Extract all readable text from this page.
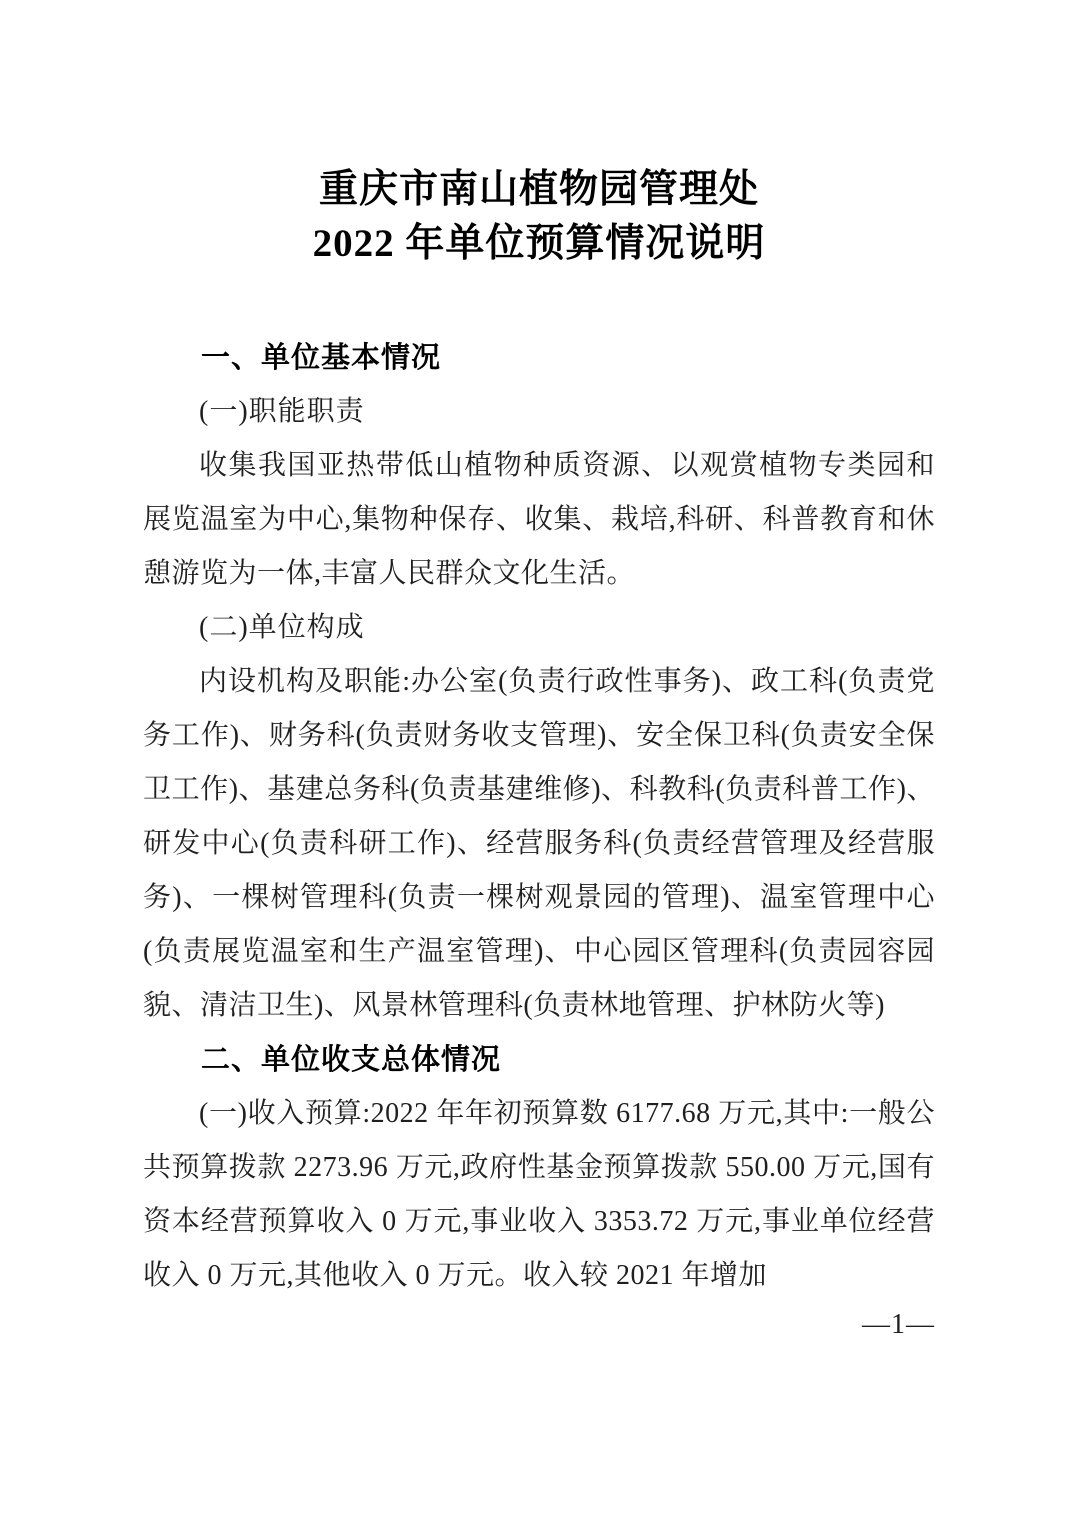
重庆市南山植物园管理处
2022 年单位预算情况说明
一、单位基本情况

(一)职能职责

收集我国亚热带低山植物种质资源、以观赏植物专类园和展览温室为中心,集物种保存、收集、栽培,科研、科普教育和休憩游览为一体,丰富人民群众文化生活。

(二)单位构成

内设机构及职能:办公室(负责行政性事务)、政工科(负责党务工作)、财务科(负责财务收支管理)、安全保卫科(负责安全保卫工作)、基建总务科(负责基建维修)、科教科(负责科普工作)、研发中心(负责科研工作)、经营服务科(负责经营管理及经营服务)、一棵树管理科(负责一棵树观景园的管理)、温室管理中心(负责展览温室和生产温室管理)、中心园区管理科(负责园容园貌、清洁卫生)、风景林管理科(负责林地管理、护林防火等)

二、单位收支总体情况

(一)收入预算:2022 年年初预算数 6177.68 万元,其中:一般公共预算拨款 2273.96 万元,政府性基金预算拨款 550.00 万元,国有资本经营预算收入 0 万元,事业收入 3353.72 万元,事业单位经营收入 0 万元,其他收入 0 万元。收入较 2021 年增加

—1—
